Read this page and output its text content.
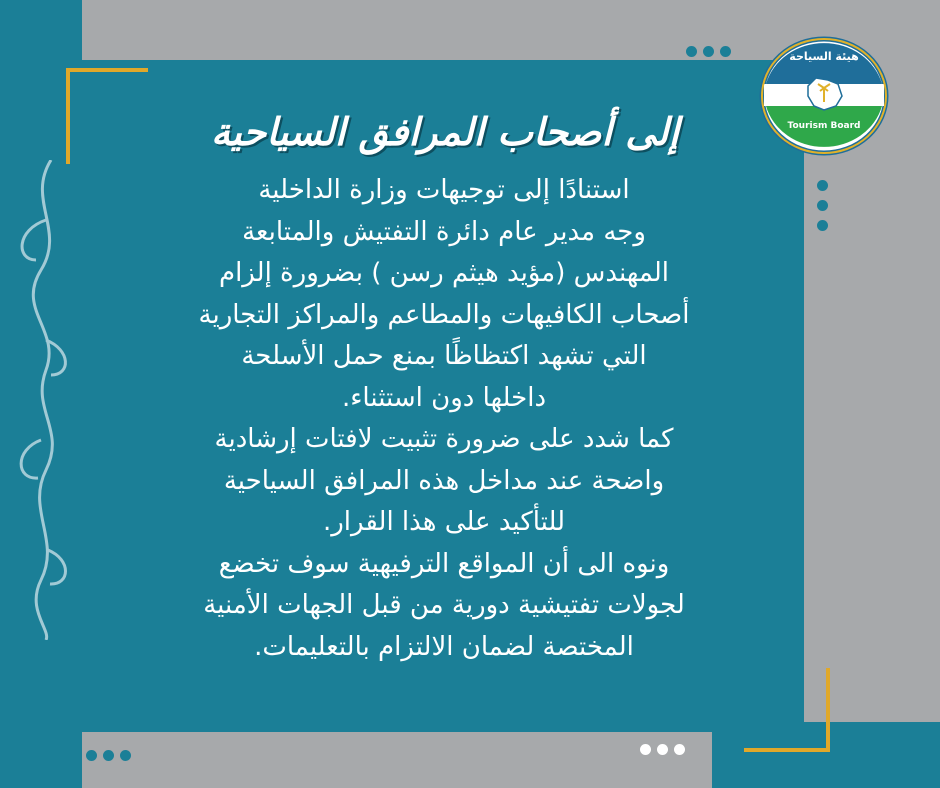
هيئة السياحة
Tourism Board
إلى أصحاب المرافق السياحية
استنادًا إلى توجيهات وزارة الداخلية
وجه مدير عام دائرة التفتيش والمتابعة
المهندس (مؤيد هيثم رسن ) بضرورة إلزام
أصحاب الكافيهات والمطاعم والمراكز التجارية
التي تشهد اكتظاظًا بمنع حمل الأسلحة
داخلها دون استثناء.
كما شدد على ضرورة تثبيت لافتات إرشادية
واضحة عند مداخل هذه المرافق السياحية
للتأكيد على هذا القرار.
ونوه الى أن المواقع الترفيهية سوف تخضع
لجولات تفتيشية دورية من قبل الجهات الأمنية
المختصة لضمان الالتزام بالتعليمات.
